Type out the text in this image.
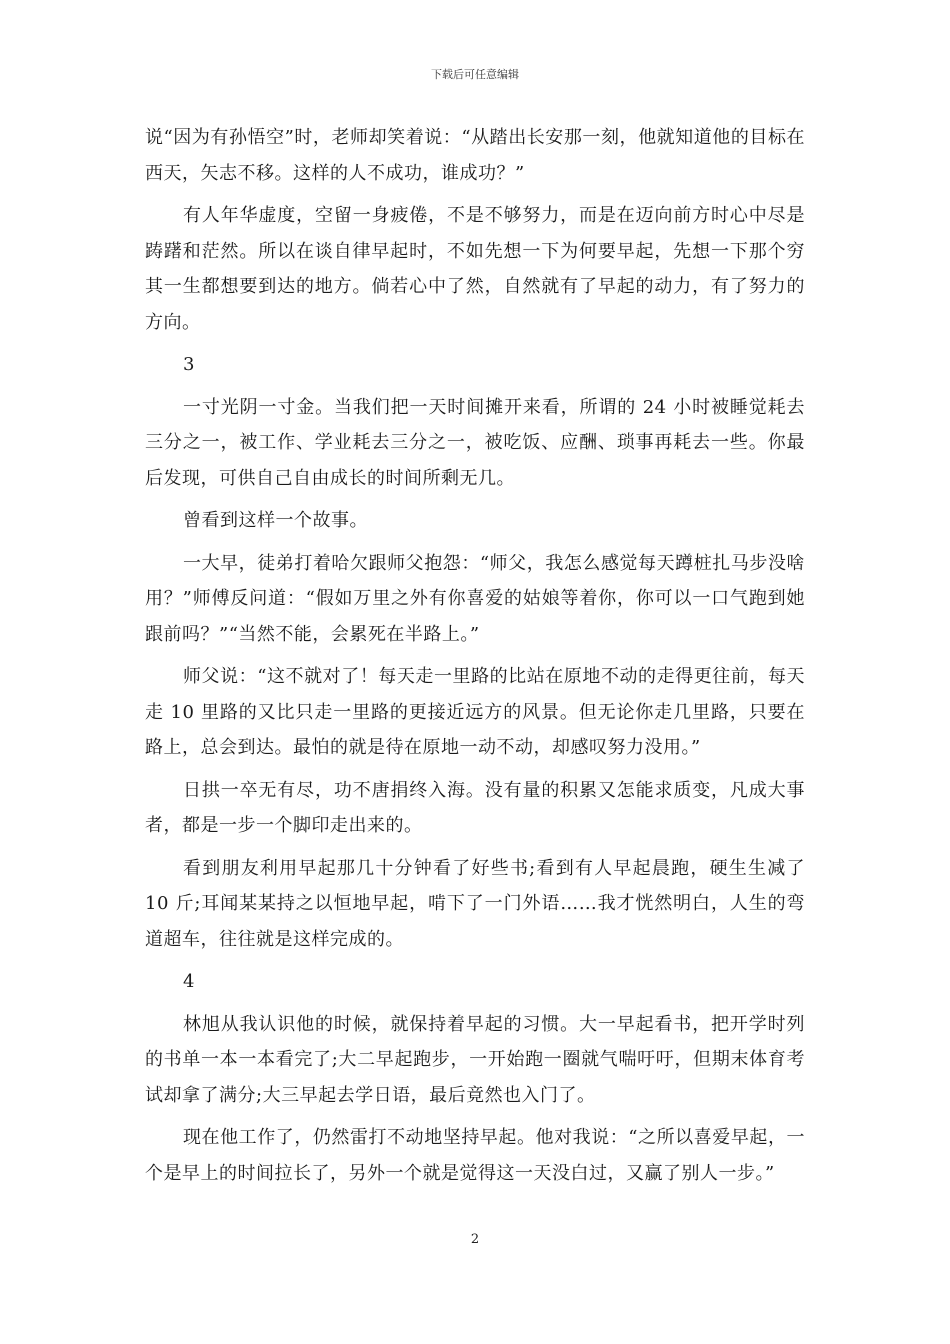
下载后可任意编辑

说“因为有孙悟空”时，老师却笑着说：“从踏出长安那一刻，他就知道他的目标在西天，矢志不移。这样的人不成功，谁成功？”

有人年华虚度，空留一身疲倦，不是不够努力，而是在迈向前方时心中尽是踌躇和茫然。所以在谈自律早起时，不如先想一下为何要早起，先想一下那个穷其一生都想要到达的地方。倘若心中了然，自然就有了早起的动力，有了努力的方向。

3

一寸光阴一寸金。当我们把一天时间摊开来看，所谓的 24 小时被睡觉耗去三分之一，被工作、学业耗去三分之一，被吃饭、应酬、琐事再耗去一些。你最后发现，可供自己自由成长的时间所剩无几。

曾看到这样一个故事。

一大早，徒弟打着哈欠跟师父抱怨：“师父，我怎么感觉每天蹲桩扎马步没啥用？”师傅反问道：“假如万里之外有你喜爱的姑娘等着你，你可以一口气跑到她跟前吗？”“当然不能，会累死在半路上。”

师父说：“这不就对了！每天走一里路的比站在原地不动的走得更往前，每天走 10 里路的又比只走一里路的更接近远方的风景。但无论你走几里路，只要在路上，总会到达。最怕的就是待在原地一动不动，却感叹努力没用。”

日拱一卒无有尽，功不唐捐终入海。没有量的积累又怎能求质变，凡成大事者，都是一步一个脚印走出来的。

看到朋友利用早起那几十分钟看了好些书;看到有人早起晨跑，硬生生减了 10 斤;耳闻某某持之以恒地早起，啃下了一门外语……我才恍然明白，人生的弯道超车，往往就是这样完成的。

4

林旭从我认识他的时候，就保持着早起的习惯。大一早起看书，把开学时列的书单一本一本看完了;大二早起跑步，一开始跑一圈就气喘吁吁，但期末体育考试却拿了满分;大三早起去学日语，最后竟然也入门了。

现在他工作了，仍然雷打不动地坚持早起。他对我说：“之所以喜爱早起，一个是早上的时间拉长了，另外一个就是觉得这一天没白过，又赢了别人一步。”

2
